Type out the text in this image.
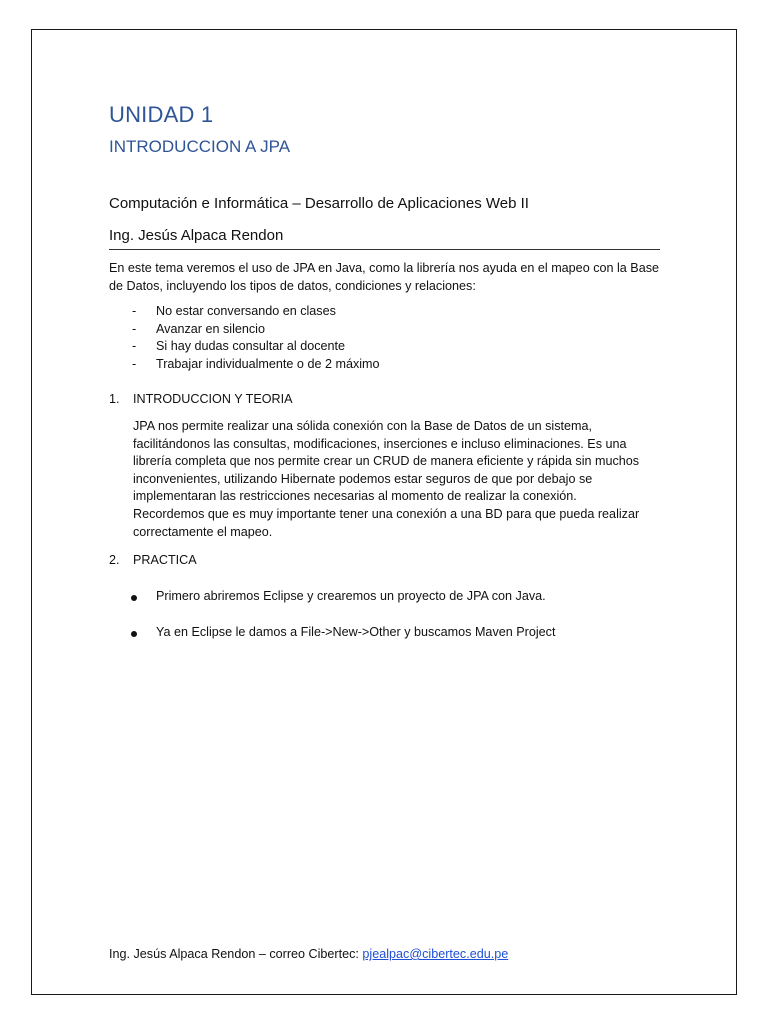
UNIDAD 1
INTRODUCCION A JPA
Computación e Informática – Desarrollo de Aplicaciones Web II
Ing. Jesús Alpaca Rendon
En este tema veremos el uso de JPA en Java, como la librería nos ayuda en el mapeo con la Base
de Datos, incluyendo los tipos de datos, condiciones y relaciones:
- No estar conversando en clases
- Avanzar en silencio
- Si hay dudas consultar al docente
- Trabajar individualmente o de 2 máximo
1. INTRODUCCION Y TEORIA
JPA nos permite realizar una sólida conexión con la Base de Datos de un sistema,
facilitándonos las consultas, modificaciones, inserciones e incluso eliminaciones. Es una
librería completa que nos permite crear un CRUD de manera eficiente y rápida sin muchos
inconvenientes, utilizando Hibernate podemos estar seguros de que por debajo se
implementaran las restricciones necesarias al momento de realizar la conexión.
Recordemos que es muy importante tener una conexión a una BD para que pueda realizar
correctamente el mapeo.
2. PRACTICA
Primero abriremos Eclipse y crearemos un proyecto de JPA con Java.
Ya en Eclipse le damos a File->New->Other y buscamos Maven Project
Ing. Jesús Alpaca Rendon – correo Cibertec: pjealpac@cibertec.edu.pe
